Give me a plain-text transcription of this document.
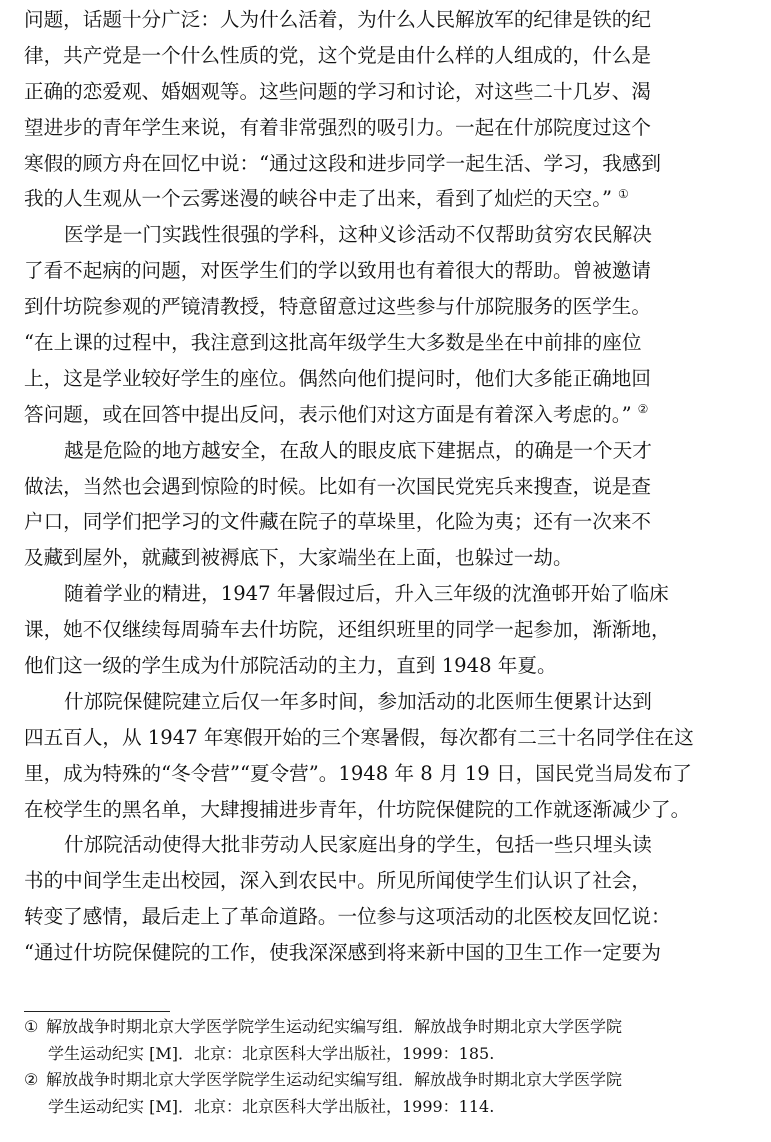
问题，话题十分广泛：人为什么活着，为什么人民解放军的纪律是铁的纪
律，共产党是一个什么性质的党，这个党是由什么样的人组成的，什么是
正确的恋爱观、婚姻观等。这些问题的学习和讨论，对这些二十几岁、渴
望进步的青年学生来说，有着非常强烈的吸引力。一起在什邡院度过这个
寒假的顾方舟在回忆中说：“通过这段和进步同学一起生活、学习，我感到
我的人生观从一个云雾迷漫的峡谷中走了出来，看到了灿烂的天空。” ①
医学是一门实践性很强的学科，这种义诊活动不仅帮助贫穷农民解决
了看不起病的问题，对医学生们的学以致用也有着很大的帮助。曾被邀请
到什坊院参观的严镜清教授，特意留意过这些参与什邡院服务的医学生。
“在上课的过程中，我注意到这批高年级学生大多数是坐在中前排的座位
上，这是学业较好学生的座位。偶然向他们提问时，他们大多能正确地回
答问题，或在回答中提出反问，表示他们对这方面是有着深入考虑的。” ②
越是危险的地方越安全，在敌人的眼皮底下建据点，的确是一个天才
做法，当然也会遇到惊险的时候。比如有一次国民党宪兵来搜查，说是查
户口，同学们把学习的文件藏在院子的草垛里，化险为夷；还有一次来不
及藏到屋外，就藏到被褥底下，大家端坐在上面，也躲过一劫。
随着学业的精进，1947 年暑假过后，升入三年级的沈渔邨开始了临床
课，她不仅继续每周骑车去什坊院，还组织班里的同学一起参加，渐渐地，
他们这一级的学生成为什邡院活动的主力，直到 1948 年夏。
什邡院保健院建立后仅一年多时间，参加活动的北医师生便累计达到
四五百人，从 1947 年寒假开始的三个寒暑假，每次都有二三十名同学住在这
里，成为特殊的“冬令营”“夏令营”。1948 年 8 月 19 日，国民党当局发布了
在校学生的黑名单，大肆搜捕进步青年，什坊院保健院的工作就逐渐减少了。
什邡院活动使得大批非劳动人民家庭出身的学生，包括一些只埋头读
书的中间学生走出校园，深入到农民中。所见所闻使学生们认识了社会，
转变了感情，最后走上了革命道路。一位参与这项活动的北医校友回忆说：
“通过什坊院保健院的工作，使我深深感到将来新中国的卫生工作一定要为
① 解放战争时期北京大学医学院学生运动纪实编写组．解放战争时期北京大学医学院
学生运动纪实 [M]．北京：北京医科大学出版社，1999：185.
② 解放战争时期北京大学医学院学生运动纪实编写组．解放战争时期北京大学医学院
学生运动纪实 [M]．北京：北京医科大学出版社，1999：114.
